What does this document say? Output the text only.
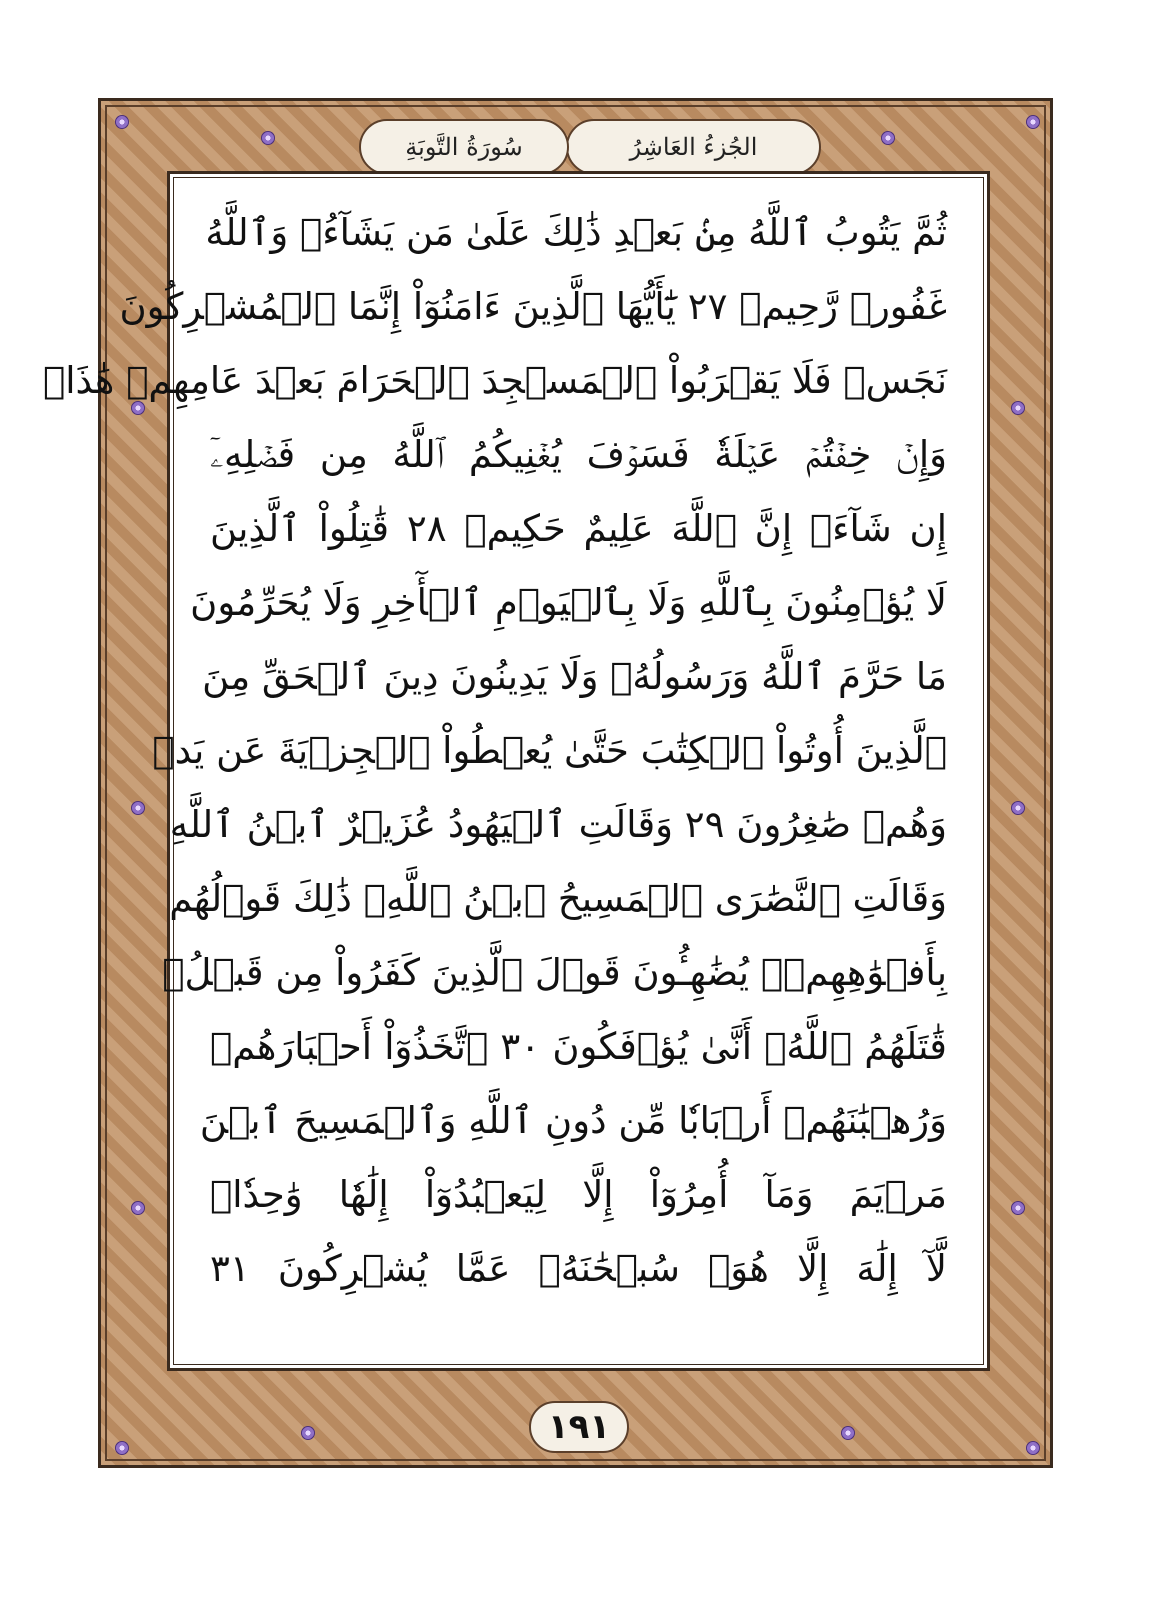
الجُزءُ العَاشِرُ
سُورَةُ التَّوبَةِ
ثُمَّ يَتُوبُ ٱللَّهُ مِنۢ بَعۡدِ ذَٰلِكَ عَلَىٰ مَن يَشَآءُۗ وَٱللَّهُ
غَفُورٞ رَّحِيمٞ ٢٧ يَٰٓأَيُّهَا ٱلَّذِينَ ءَامَنُوٓاْ إِنَّمَا ٱلۡمُشۡرِكُونَ
نَجَسٞ فَلَا يَقۡرَبُواْ ٱلۡمَسۡجِدَ ٱلۡحَرَامَ بَعۡدَ عَامِهِمۡ هَٰذَاۚ
وَإِنۡ خِفۡتُمۡ عَيۡلَةٗ فَسَوۡفَ يُغۡنِيكُمُ ٱللَّهُ مِن فَضۡلِهِۦٓ
إِن شَآءَۚ إِنَّ ٱللَّهَ عَلِيمٌ حَكِيمٞ ٢٨ قَٰتِلُواْ ٱلَّذِينَ
لَا يُؤۡمِنُونَ بِٱللَّهِ وَلَا بِٱلۡيَوۡمِ ٱلۡأٓخِرِ وَلَا يُحَرِّمُونَ
مَا حَرَّمَ ٱللَّهُ وَرَسُولُهُۥ وَلَا يَدِينُونَ دِينَ ٱلۡحَقِّ مِنَ
ٱلَّذِينَ أُوتُواْ ٱلۡكِتَٰبَ حَتَّىٰ يُعۡطُواْ ٱلۡجِزۡيَةَ عَن يَدٖ
وَهُمۡ صَٰغِرُونَ ٢٩ وَقَالَتِ ٱلۡيَهُودُ عُزَيۡرٌ ٱبۡنُ ٱللَّهِ
وَقَالَتِ ٱلنَّصَٰرَى ٱلۡمَسِيحُ ٱبۡنُ ٱللَّهِۖ ذَٰلِكَ قَوۡلُهُم
بِأَفۡوَٰهِهِمۡۖ يُضَٰهِـُٔونَ قَوۡلَ ٱلَّذِينَ كَفَرُواْ مِن قَبۡلُۚ
قَٰتَلَهُمُ ٱللَّهُۖ أَنَّىٰ يُؤۡفَكُونَ ٣٠ ٱتَّخَذُوٓاْ أَحۡبَارَهُمۡ
وَرُهۡبَٰنَهُمۡ أَرۡبَابٗا مِّن دُونِ ٱللَّهِ وَٱلۡمَسِيحَ ٱبۡنَ
مَرۡيَمَ وَمَآ أُمِرُوٓاْ إِلَّا لِيَعۡبُدُوٓاْ إِلَٰهٗا وَٰحِدٗاۖ
لَّآ إِلَٰهَ إِلَّا هُوَۚ سُبۡحَٰنَهُۥ عَمَّا يُشۡرِكُونَ ٣١
١٩١
